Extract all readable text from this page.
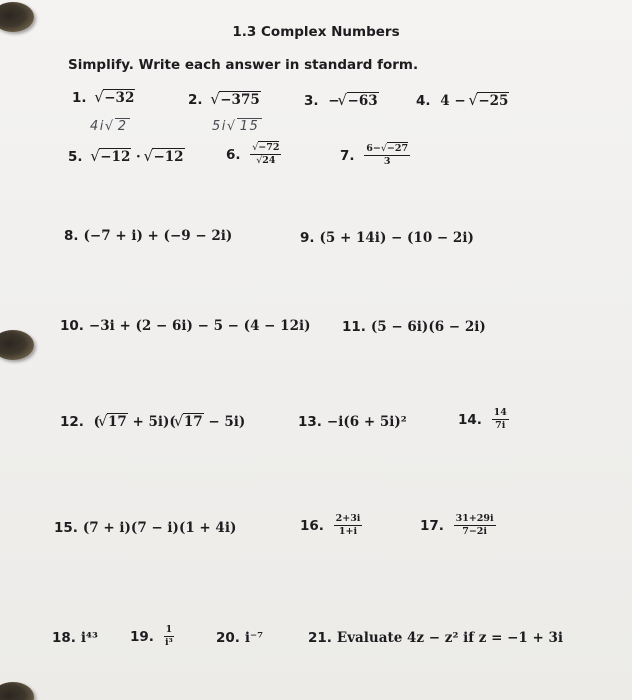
1.3 Complex Numbers
Simplify. Write each answer in standard form.
1. √ −32	2. √ −375	3. − √ −63	4. 4 − √ −25
4i√ 2	5i√ 15
5. √ −12 · √ −12	6. $\frac{√-72}{√24}$	7. $\frac{6-√-27}{3}$
8. (−7 + i) + (−9 − 2i)	9. (5 + 14i) − (10 − 2i)
10. −3i + (2 − 6i) − 5 − (4 − 12i) 11. (5 − 6i)(6 − 2i)
12. ( √ 17 + 5i)( √ 17 − 5i)	13. −i(6 + 5i)²	14. $\frac{14}{7i}$
15. (7 + i)(7 − i)(1 + 4i)	16. $\frac{2+3i}{1+i}$	17. $\frac{31+29i}{7-2i}$
18. i⁴³ 19. $\frac{1}{\text{i³}}$	20. i⁻⁷	21. Evaluate 4z − z² if z = −1 + 3i
